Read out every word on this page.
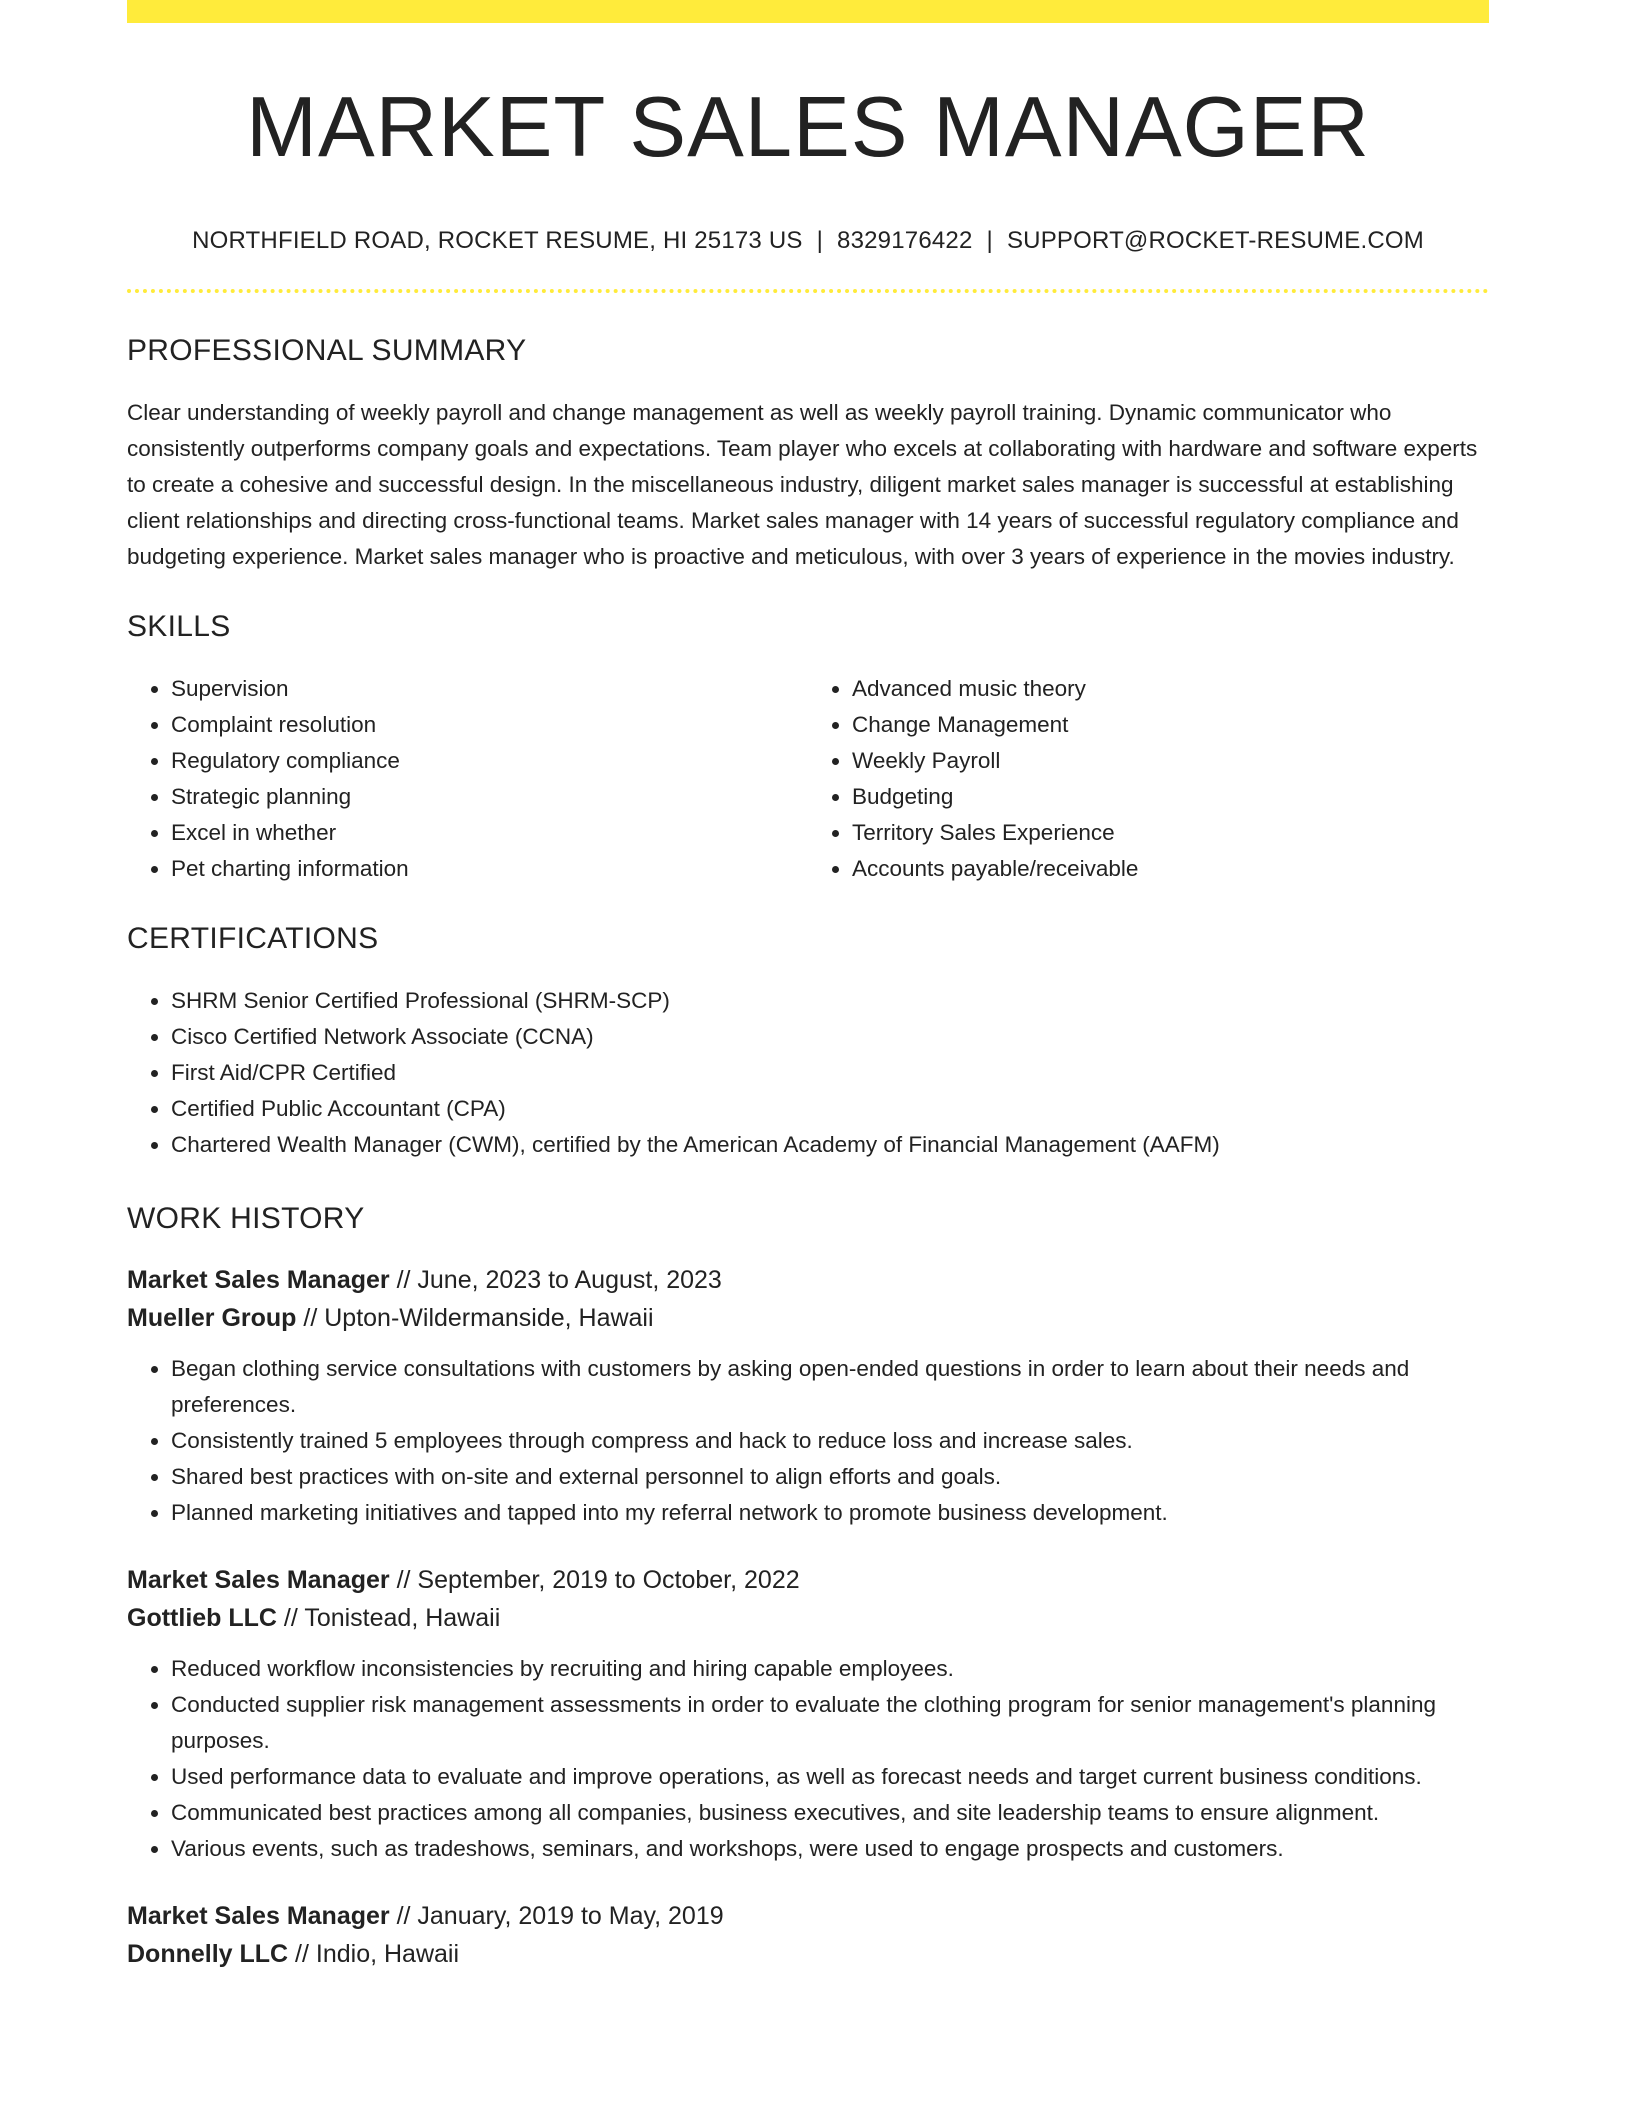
MARKET SALES MANAGER
NORTHFIELD ROAD, ROCKET RESUME, HI 25173 US | 8329176422 | SUPPORT@ROCKET-RESUME.COM
PROFESSIONAL SUMMARY
Clear understanding of weekly payroll and change management as well as weekly payroll training. Dynamic communicator who consistently outperforms company goals and expectations. Team player who excels at collaborating with hardware and software experts to create a cohesive and successful design. In the miscellaneous industry, diligent market sales manager is successful at establishing client relationships and directing cross-functional teams. Market sales manager with 14 years of successful regulatory compliance and budgeting experience. Market sales manager who is proactive and meticulous, with over 3 years of experience in the movies industry.
SKILLS
• Supervision
• Complaint resolution
• Regulatory compliance
• Strategic planning
• Excel in whether
• Pet charting information
• Advanced music theory
• Change Management
• Weekly Payroll
• Budgeting
• Territory Sales Experience
• Accounts payable/receivable
CERTIFICATIONS
• SHRM Senior Certified Professional (SHRM-SCP)
• Cisco Certified Network Associate (CCNA)
• First Aid/CPR Certified
• Certified Public Accountant (CPA)
• Chartered Wealth Manager (CWM), certified by the American Academy of Financial Management (AAFM)
WORK HISTORY
Market Sales Manager // June, 2023 to August, 2023
Mueller Group // Upton-Wildermanside, Hawaii
• Began clothing service consultations with customers by asking open-ended questions in order to learn about their needs and preferences.
• Consistently trained 5 employees through compress and hack to reduce loss and increase sales.
• Shared best practices with on-site and external personnel to align efforts and goals.
• Planned marketing initiatives and tapped into my referral network to promote business development.
Market Sales Manager // September, 2019 to October, 2022
Gottlieb LLC // Tonistead, Hawaii
• Reduced workflow inconsistencies by recruiting and hiring capable employees.
• Conducted supplier risk management assessments in order to evaluate the clothing program for senior management's planning purposes.
• Used performance data to evaluate and improve operations, as well as forecast needs and target current business conditions.
• Communicated best practices among all companies, business executives, and site leadership teams to ensure alignment.
• Various events, such as tradeshows, seminars, and workshops, were used to engage prospects and customers.
Market Sales Manager // January, 2019 to May, 2019
Donnelly LLC // Indio, Hawaii
